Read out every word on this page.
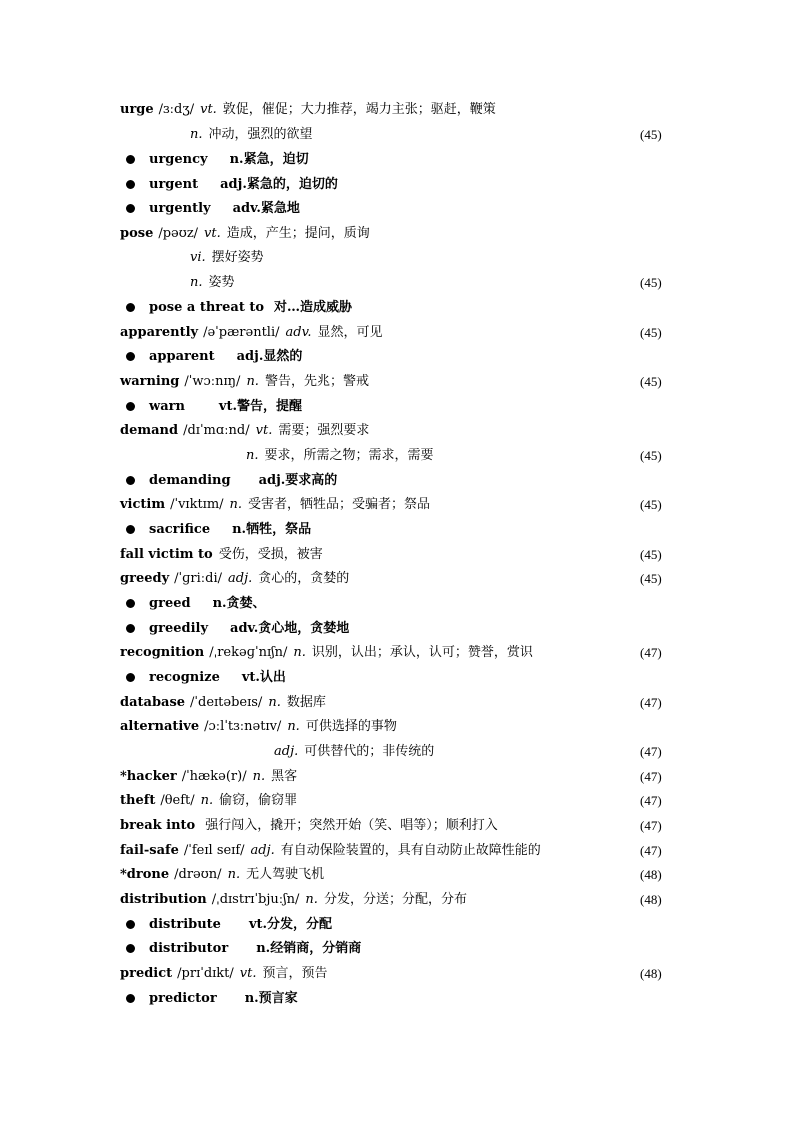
urge /ɜːdʒ/ vt. 敦促，催促；大力推荐，竭力主张；驱赶，鞭策
n. 冲动，强烈的欲望	(45)
urgency n.紧急，迫切
urgent adj.紧急的，迫切的
urgently adv.紧急地
pose /pəʊz/ vt. 造成，产生；提问，质询
vi. 摆好姿势
n. 姿势	(45)
pose a threat to 对…造成威胁
apparently /əˈpærəntli/ adv. 显然，可见	(45)
apparent adj.显然的
warning /ˈwɔːnɪŋ/ n. 警告，先兆；警戒	(45)
warn	vt.警告，提醒
demand /dɪˈmɑːnd/ vt. 需要；强烈要求
n. 要求，所需之物；需求，需要	(45)
demanding adj.要求高的
victim /ˈvɪktɪm/ n. 受害者，牺牲品；受骗者；祭品	(45)
sacrifice n.牺牲，祭品
fall victim to 受伤，受损，被害	(45)
greedy /ˈɡriːdi/ adj. 贪心的，贪婪的	(45)
greed n.贪婪、
greedily adv.贪心地，贪婪地
recognition /ˌrekəɡˈnɪʃn/ n. 识别，认出；承认，认可；赞誉，赏识	(47)
recognize vt.认出
database /ˈdeɪtəbeɪs/ n. 数据库	(47)
alternative /ɔːlˈtɜːnətɪv/ n. 可供选择的事物
adj. 可供替代的；非传统的	(47)
*hacker /ˈhækə(r)/ n. 黑客	(47)
theft /θeft/ n. 偷窃，偷窃罪	(47)
break into 强行闯入，撬开；突然开始（笑、唱等）；顺利打入	(47)
fail-safe /ˈfeɪl seɪf/ adj. 有自动保险装置的，具有自动防止故障性能的	(47)
*drone /drəʊn/ n. 无人驾驶飞机	(48)
distribution /ˌdɪstrɪˈbjuːʃn/ n. 分发，分送；分配，分布	(48)
distribute vt.分发，分配
distributor n.经销商，分销商
predict /prɪˈdɪkt/ vt. 预言，预告	(48)
predictor n.预言家
